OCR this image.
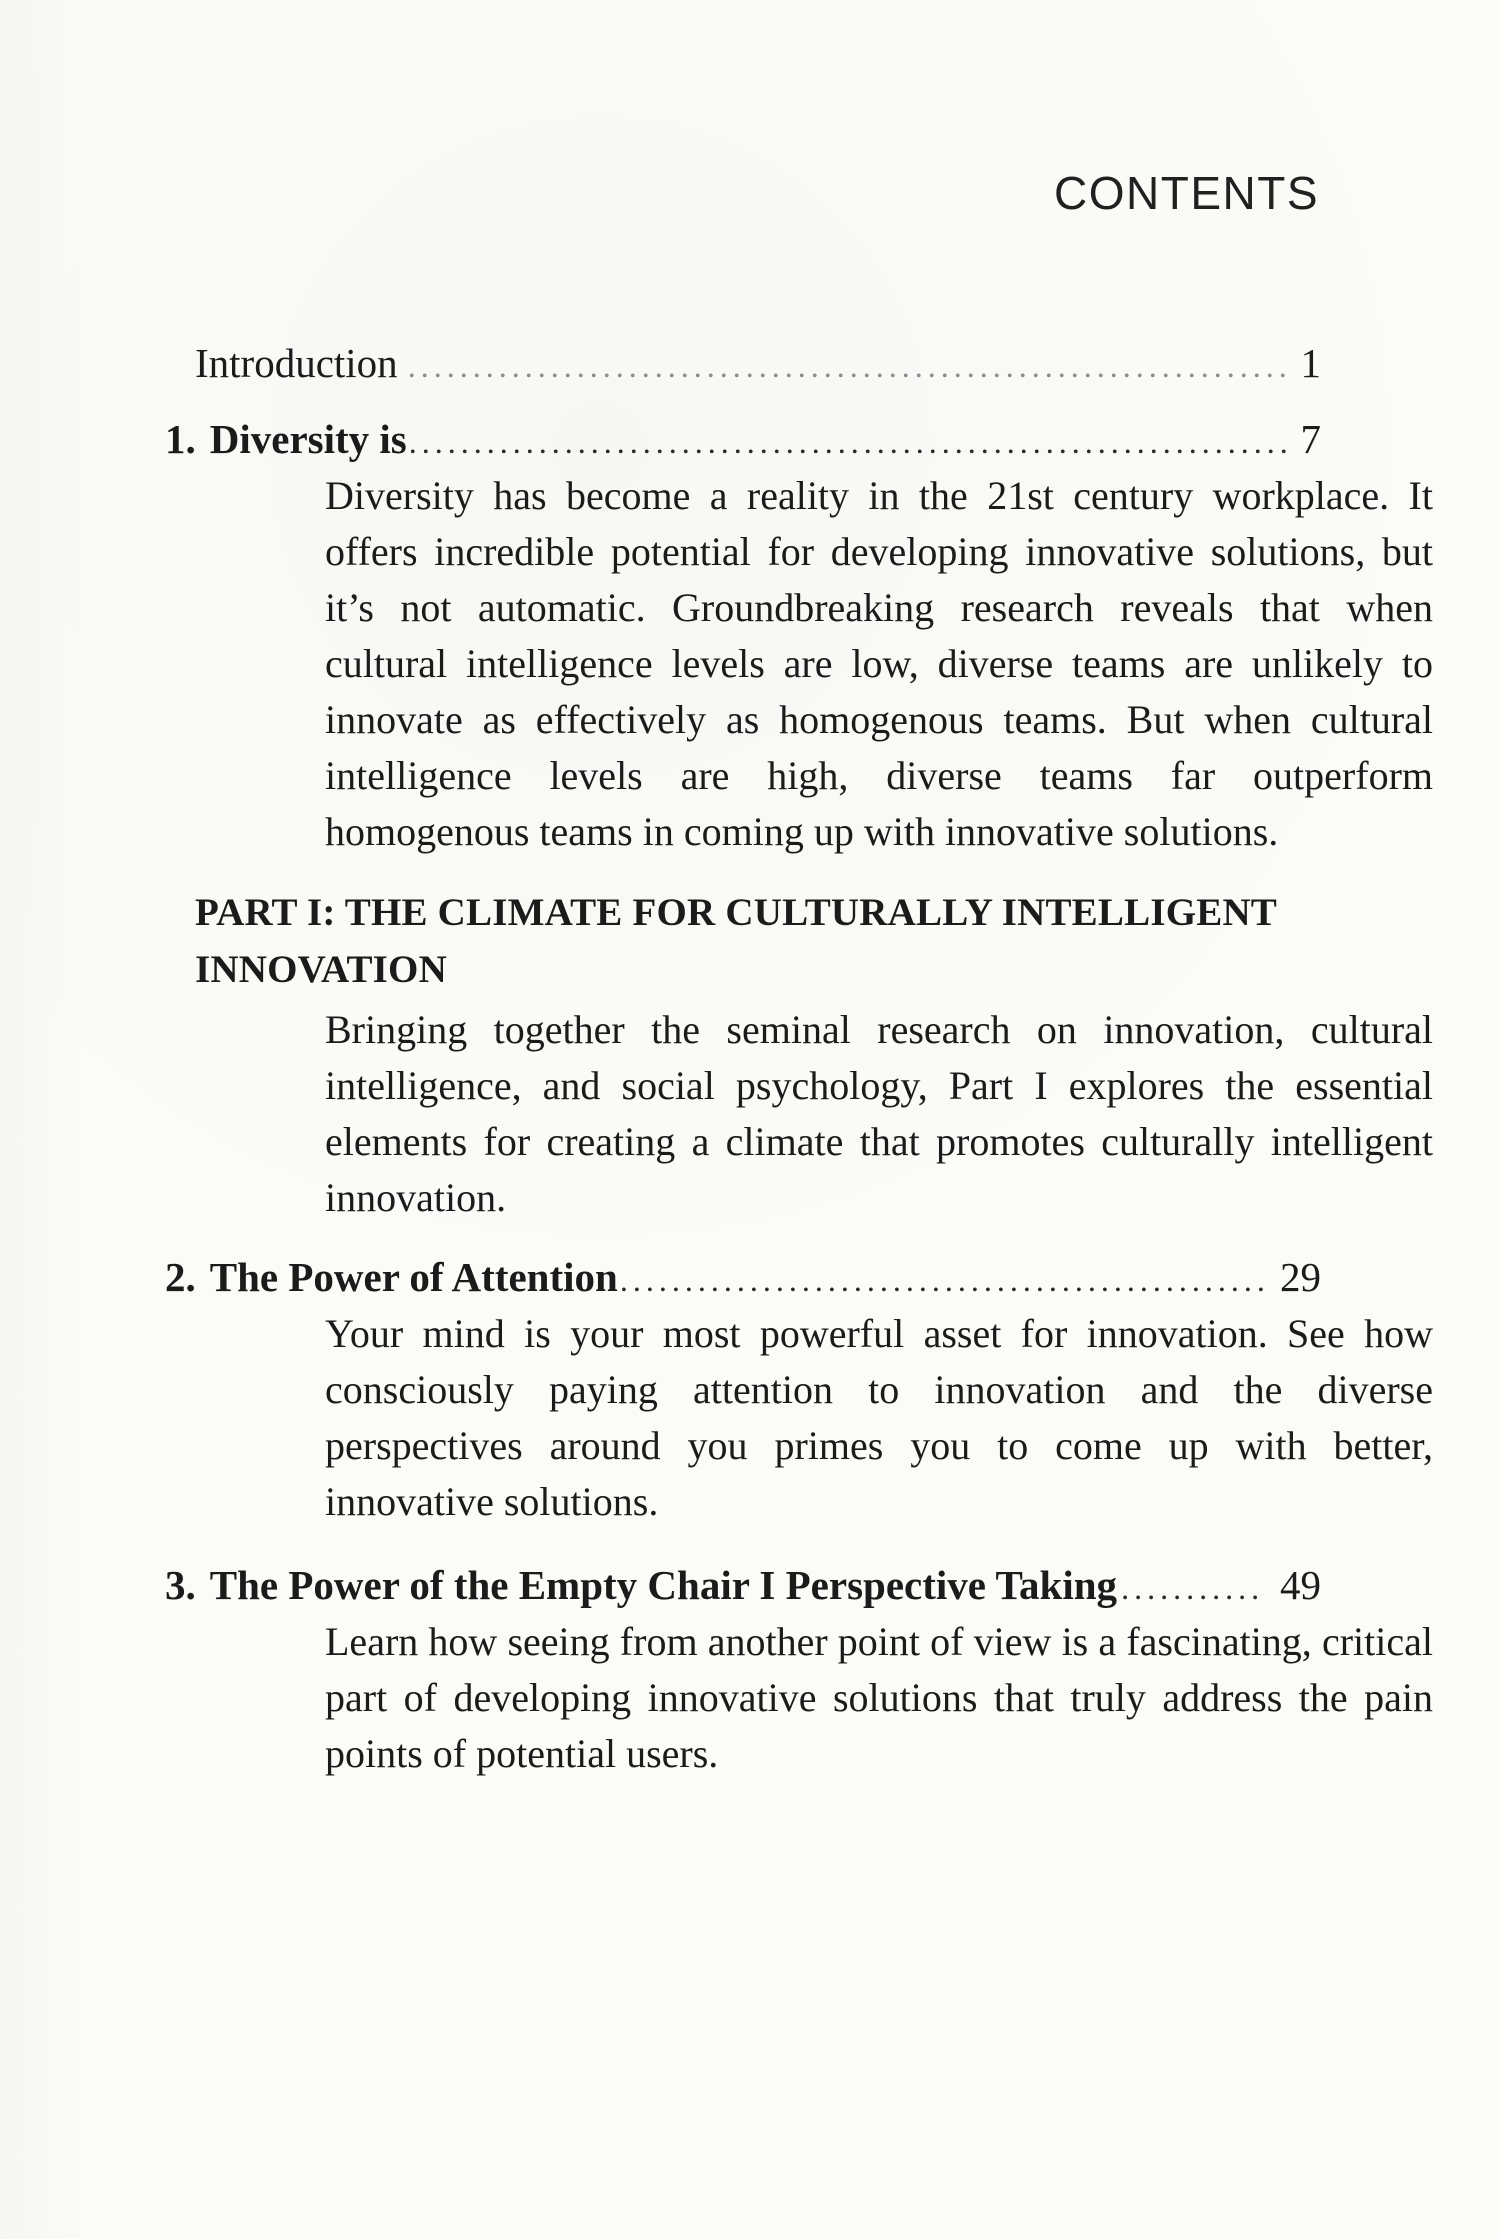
CONTENTS
Introduction .....	1
1. Diversity is .....	7

Diversity has become a reality in the 21st century workplace. It offers incredible potential for developing innovative solutions, but it’s not automatic. Groundbreaking research reveals that when cultural intelligence levels are low, diverse teams are unlikely to innovate as effectively as homogenous teams. But when cultural intelligence levels are high, diverse teams far outperform homogenous teams in coming up with innovative solutions.

PART I: THE CLIMATE FOR CULTURALLY INTELLIGENT INNOVATION

Bringing together the seminal research on innovation, cultural intelligence, and social psychology, Part I explores the essential elements for creating a climate that promotes culturally intelligent innovation.

2. The Power of Attention .....	29

Your mind is your most powerful asset for innovation. See how consciously paying attention to innovation and the diverse perspectives around you primes you to come up with better, innovative solutions.

3. The Power of the Empty Chair I Perspective Taking .....	49

Learn how seeing from another point of view is a fascinating, critical part of developing innovative solutions that truly address the pain points of potential users.
